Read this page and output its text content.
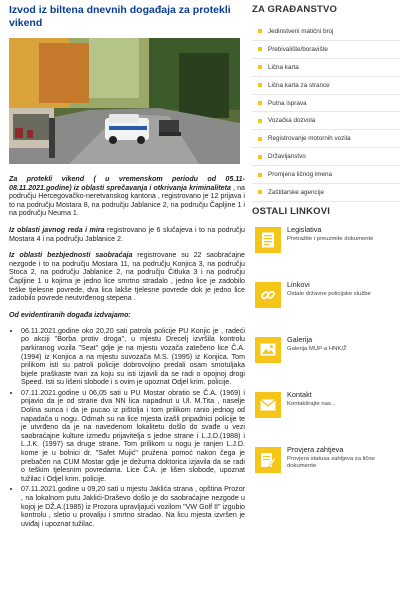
Izvod iz biltena dnevnih događaja za protekli vikend

Za protekli vikend ( u vremenskom periodu od 05.11-08.11.2021.godine) iz oblasti sprečavanja i otkrivanja kriminaliteta , na području Hercegovačko-neretvanskog kantona , registrovano je 12 prijava i to na području Mostara 8, na području Jablanice 2, na području Čapljine 1 i na području Neuma 1.

Iz oblasti javnog reda i mira registrovano je 6 slučajeva i to na području Mostara 4 i na području Jablanice 2.

Iz oblasti bezbjednosti saobraćaja registrovane su 22 saobraćajne nezgode i to na području Mostara 11, na području Konjica 3, na području Stoca 2, na području Jablanice 2, na području Čitluka 3 i na području Čapljine 1 u kojima je jedno lice smrtno stradalo , jedno lice je zadobilo teške tjelesne povrede, dva lica lakše tjelesne povrede dok je jedno lice zadobilo povrede neutvrđenog stepena .

Od evidentiranih događa izdvajamo:
• 06.11.2021.godine oko 20,20 sati patrola policije PU Konjic je , radeći po akciji "Borba protiv droga", u mjestu Drecelj izvršila kontrolu parkiranog vozila "Seat" gdje je na mjestu vozača zatečeno lice Č.A.(1994) iz Konjica a na mjestu suvozača M.S. (1995) iz Konjica. Tom prilikom isti su patroli policije dobrovoljno predali osam smotuljaka bijele praškaste tvari za koju su isti izjavili da se radi o opojnoj drogi Speed. Isti su lišeni slobode i s ovim je upoznat Odjel krim. policije.
• 07.11.2021.godine u 06,05 sati u PU Mostar obratio se Č.A. (1969) i prijavio da je od strane dva NN lica napadnut u Ul. M.Tita , naselje Dolina sunca i da je pucao iz pištolja i tom prilikom ranio jednog od napadača u nogu. Odmah su na lice mjesta izašli pripadnici policije te je utvrđeno da je na navedenom lokalitetu došlo do svađe u vezi saobraćajne kulture između prijavitelja s jedne strane i L.J.D.(1988) i L.J.K. (1997) sa druge strane. Tom prilikom u nogu je ranjen L.J.D. kome je u bolnici dr. "Safet Mujić" pružena pomoć nakon čega je prebačen na CUM Mostar gdje je dežurna doktorica izjavila da se radi o teškim tjelesnim povredama. Lice Č.A. je lišen slobode, upoznat tužilac i Odjel krim. policije.
• 07.11.2021.godine u 09,20 sati u mjestu Jaklića strana , opština Prozor , na lokalnom putu Jaklići-Draševo došlo je do saobraćajne nezgode u kojoj je DŽ.A.(1985) iz Prozora upravljajući vozilom "VW Golf II" izgubio kontrolu , sletio u provaliju i smrtno stradao. Na licu mjesta izvršen je uviđaj i upoznat tužilac.
ZA GRAĐANSTVO
Jedinstveni matični broj
Prebivalište/boravište
Lična karta
Lična karta za strance
Putna isprava
Vozačka dozvola
Registrovanje motornih vozila
Državljanstvo
Promjena ličnog imena
Zaštitarske agencije
OSTALI LINKOVI
Legislativa
Pretražite i preuzmite dokumente
Linkovi
Ostale državne policijske službe
Galerija
Galerija MUP-a HNK/Ž
Kontakt
Kontaktirajte nas...
Provjera zahtjeva
Provjera statusa zahtjeva za lične dokumente
